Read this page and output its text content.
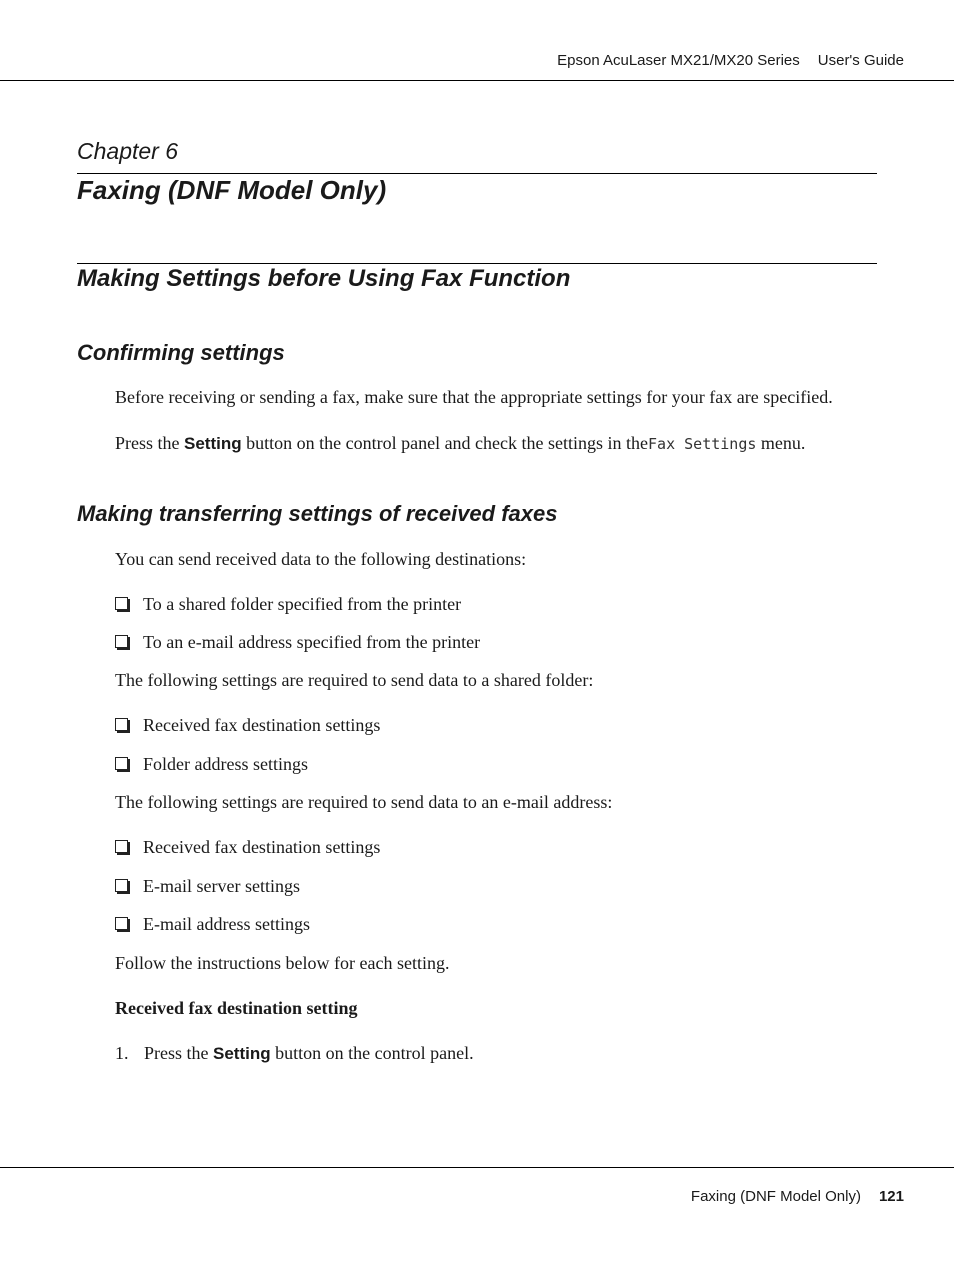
Epson AcuLaser MX21/MX20 Series User's Guide
Chapter 6
Faxing (DNF Model Only)
Making Settings before Using Fax Function
Confirming settings
Before receiving or sending a fax, make sure that the appropriate settings for your fax are specified.
Press the Setting button on the control panel and check the settings in theFax Settings menu.
Making transferring settings of received faxes
You can send received data to the following destinations:
To a shared folder specified from the printer
To an e-mail address specified from the printer
The following settings are required to send data to a shared folder:
Received fax destination settings
Folder address settings
The following settings are required to send data to an e-mail address:
Received fax destination settings
E-mail server settings
E-mail address settings
Follow the instructions below for each setting.
Received fax destination setting
1. Press the Setting button on the control panel.
Faxing (DNF Model Only) 121
